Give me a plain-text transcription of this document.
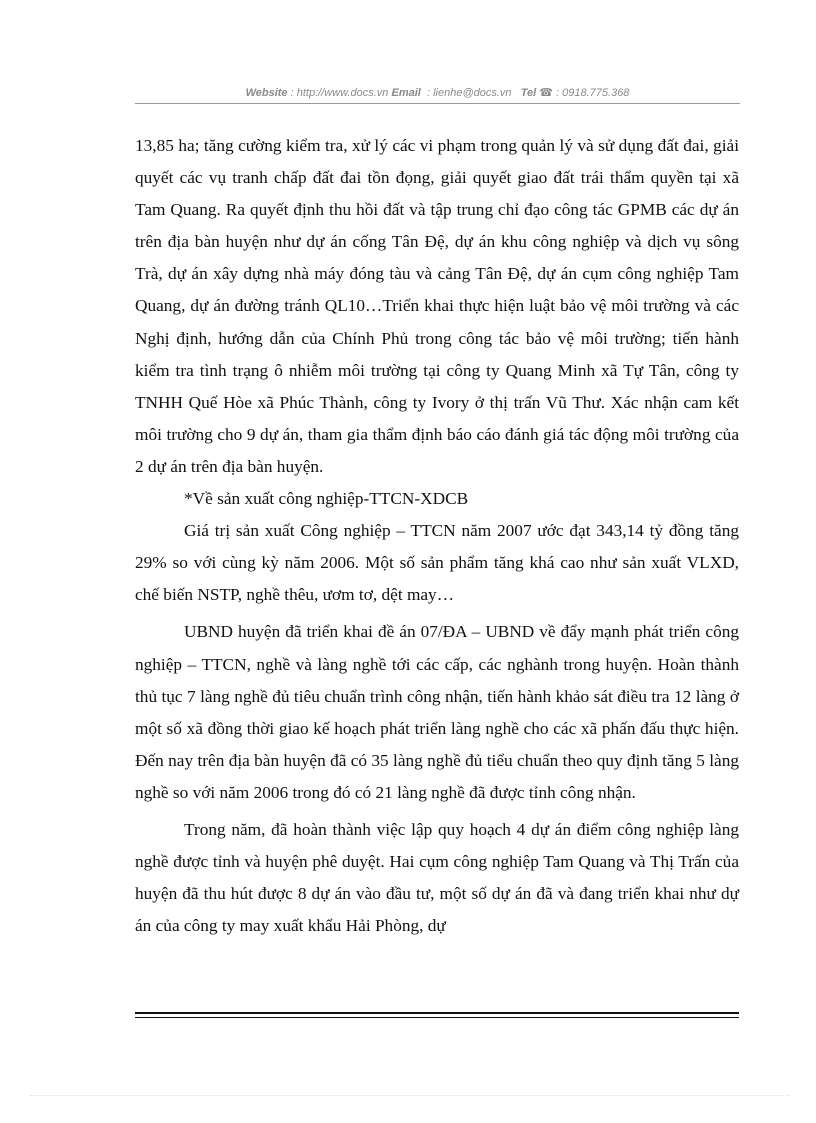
Website : http://www.docs.vn Email  : lienhe@docs.vn Tel ☎ : 0918.775.368

13,85 ha; tăng cường kiểm tra, xử lý các vi phạm trong quản lý và sử dụng đất đai, giải quyết các vụ tranh chấp đất đai tồn đọng, giải quyết giao đất trái thẩm quyền tại xã Tam Quang. Ra quyết định thu hồi đất và tập trung chỉ đạo công tác GPMB các dự án trên địa bàn huyện như dự án cống Tân Đệ, dự án khu công nghiệp và dịch vụ sông Trà, dự án xây dựng nhà máy đóng tàu và cảng Tân Đệ, dự án cụm công nghiệp Tam Quang, dự án đường tránh QL10…Triển khai thực hiện luật bảo vệ môi trường và các Nghị định, hướng dẫn của Chính Phủ trong công tác bảo vệ môi trường; tiến hành kiểm tra tình trạng ô nhiễm môi trường tại công ty Quang Minh xã Tự Tân, công ty TNHH Quế Hòe xã Phúc Thành, công ty Ivory ở thị trấn Vũ Thư. Xác nhận cam kết môi trường cho 9 dự án, tham gia thẩm định báo cáo đánh giá tác động môi trường của 2 dự án trên địa bàn huyện.

*Về sản xuất công nghiệp-TTCN-XDCB

Giá trị sản xuất Công nghiệp – TTCN năm 2007 ước đạt 343,14 tỷ đồng tăng 29% so với cùng kỳ năm 2006. Một số sản phẩm tăng khá cao như sản xuất VLXD, chế biến NSTP, nghề thêu, ươm tơ, dệt may…

UBND huyện đã triển khai đề án 07/ĐA – UBND về đẩy mạnh phát triển công nghiệp – TTCN, nghề và làng nghề tới các cấp, các nghành trong huyện. Hoàn thành thủ tục 7 làng nghề đủ tiêu chuẩn trình công nhận, tiến hành khảo sát điều tra 12 làng ở một số xã đồng thời giao kế hoạch phát triển làng nghề cho các xã phấn đấu thực hiện. Đến nay trên địa bàn huyện đã có 35 làng nghề đủ tiểu chuẩn theo quy định tăng 5 làng nghề so với năm 2006 trong đó có 21 làng nghề đã được tỉnh công nhận.

Trong năm, đã hoàn thành việc lập quy hoạch 4 dự án điểm công nghiệp làng nghề được tỉnh và huyện phê duyệt. Hai cụm công nghiệp Tam Quang và Thị Trấn của huyện đã thu hút được 8 dự án vào đầu tư, một số dự án đã và đang triển khai như dự án của công ty may xuất khẩu Hải Phòng, dự
